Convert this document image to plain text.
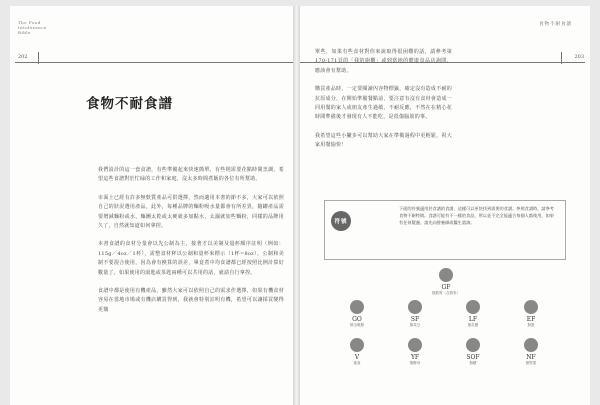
The Food
Intolerance
Bible
202
食物不耐食譜

我們設計的這一套食譜，有些準備起來快速簡單，有些則需要花點時間烹調，希望這些食譜對於忙碌的工作和家庭，沒太多時間煮飯的各位有所幫助。

市面上已經有許多無麩質產品可供選擇，然而適用本書的節不多，大家可以依照自己的狀況選用產品，此外，每種品牌的麵粉吸水量都會有所差異，隨罐產品需要增減麵粉或水，麵團太乾或太硬就多加點水，太濕就加些麵粉，同樣的品牌用久了，自然就知道如何拿捏。

本書食譜的食材分量會以先公制為主，接著才以美制及量杯順序註明（例如：115g／4oz／1杯），需整食材秤以公制和量杯來標示（1杯=8oz），公制和美制不要混合使用，因為會有換算的誤差，畢竟煮中均食譜都已經按照比例計算好數量了，如果使用的湯匙或茶匙兩種可以共用的話，就請自行拿捏。

食譜中都是使用有機產品，雖然大家可以依照自己的需求作選擇，如果有機食材容易在當地市場或有機店購買得到，我就會特別註明有機，希望可以讓採買變得更簡

食物不耐食譜
203

單些，如果有些食材對你來說取得很困難的話，請參考第170-171頁的「我的廚櫃」或到當地的健康食品店詢問，應該會有幫助。

購買產品時，一定要閱讀內容物標籤，確定沒有造成不耐的抗原成分，在開始準備餐點前，要注意有沒有食材會造成一同用餐的家人或朋友產生過敏、不耐反應，不然在在精心花時間準備後才發現有人不能吃，是很傷腦筋的事。

我希望這些小撇步可以幫助大家在準備過程中更輕鬆，祝大家用餐愉快！

符號
下面的符號適用於食譜的食譜，這樣可以更快找到需要的食譜。參照食譜時，請參考食物不耐特徵。食譜可能有不一樣的食品，所以並不完全能適合每個人都使用，如果有任何疑慮，請先向營養師或醫生諮詢。
GF
無麩質（含燕麥）
GO
無全穀類
SF
無黃豆
LF
無乳糖
EF
無蛋
V
素食
YF
無酵母
SOF
無糖
NF
無堅果
